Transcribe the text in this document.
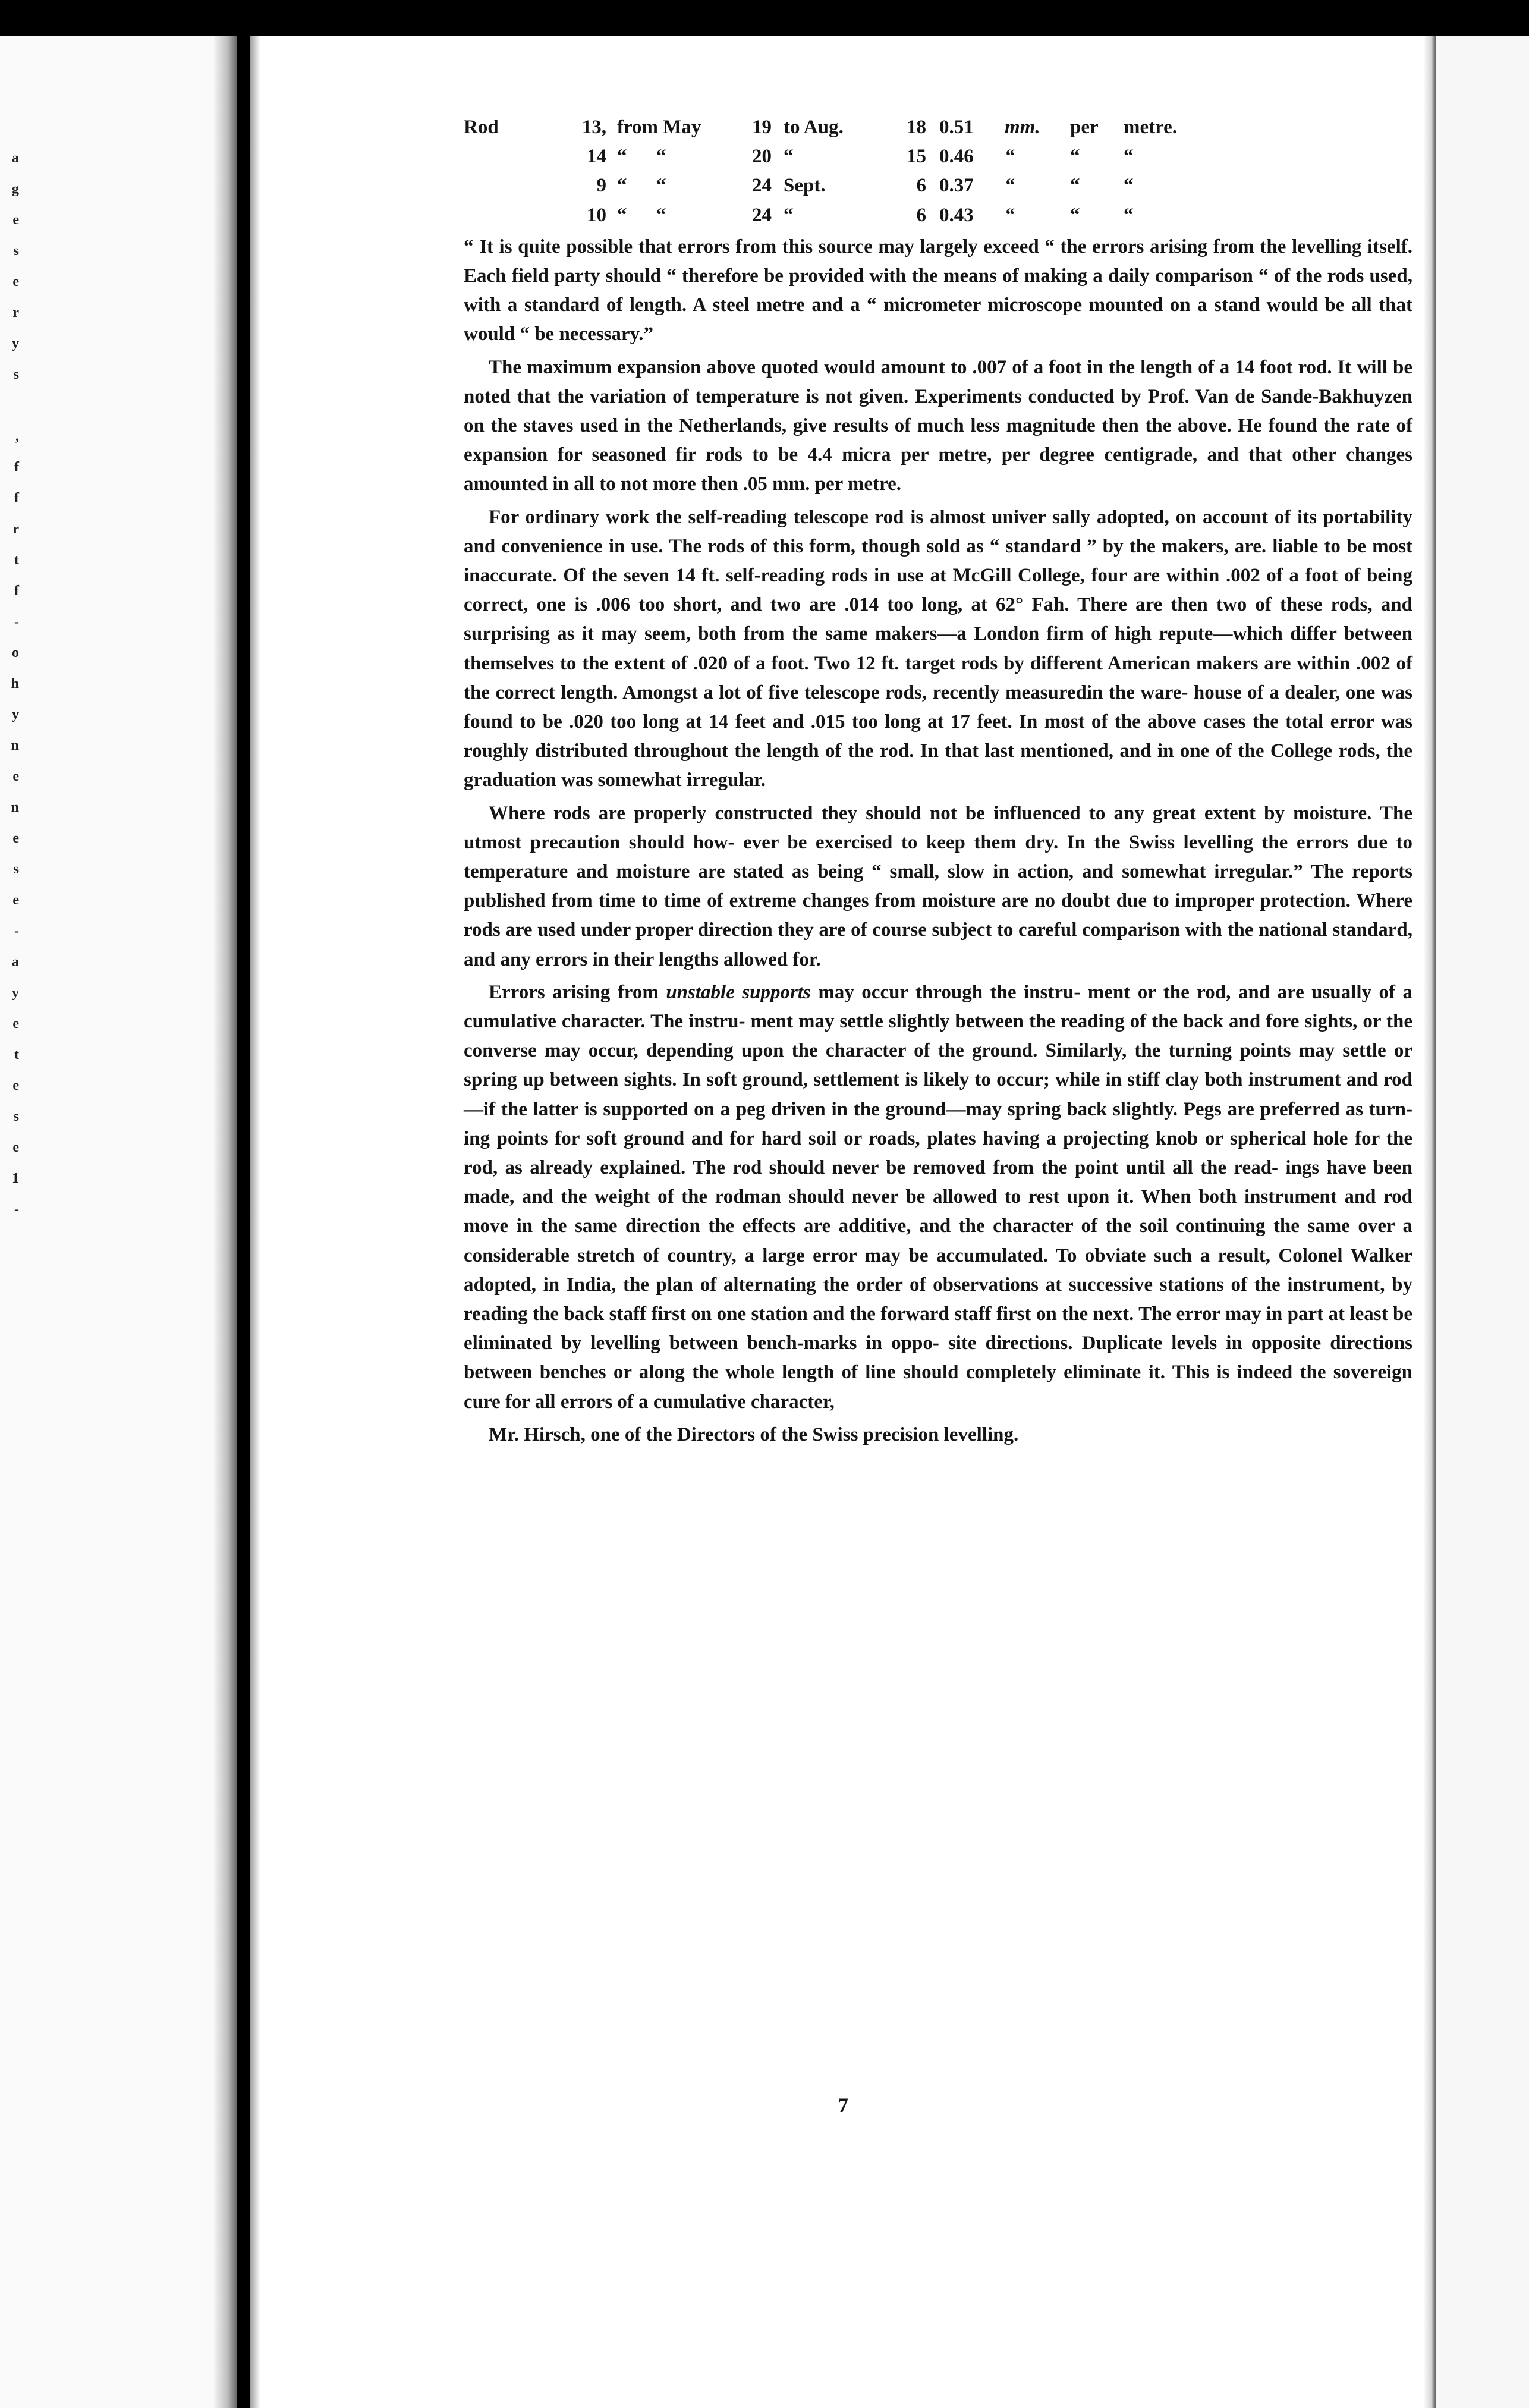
a
g
e
s
e
r
y
s

,
f
f
r
t
f
-
o
h
y
n
e
n
e
s
e
-
a
y
e
t
e
s
e
1
-
Rod	13, from May	19 to Aug.	18 0.51	mm.	per	metre.
14 “      “	20 “	15 0.46	“	“	“
9 “      “	24 Sept.	6 0.37	“	“	“
10 “      “	24 “	6 0.43	“	“	“

“ It is quite possible that errors from this source may largely exceed “ the errors arising from the levelling itself. Each field party should “ therefore be provided with the means of making a daily comparison “ of the rods used, with a standard of length. A steel metre and a “ micrometer microscope mounted on a stand would be all that would “ be necessary.”

The maximum expansion above quoted would amount to .007 of a foot in the length of a 14 foot rod. It will be noted that the variation of temperature is not given. Experiments conducted by Prof. Van de Sande-Bakhuyzen on the staves used in the Netherlands, give results of much less magnitude then the above. He found the rate of expansion for seasoned fir rods to be 4.4 micra per metre, per degree centigrade, and that other changes amounted in all to not more then .05 mm. per metre.

For ordinary work the self-reading telescope rod is almost univer sally adopted, on account of its portability and convenience in use. The rods of this form, though sold as “ standard ” by the makers, are. liable to be most inaccurate. Of the seven 14 ft. self-reading rods in use at McGill College, four are within .002 of a foot of being correct, one is .006 too short, and two are .014 too long, at 62° Fah. There are then two of these rods, and surprising as it may seem, both from the same makers—a London firm of high repute—which differ between themselves to the extent of .020 of a foot. Two 12 ft. target rods by different American makers are within .002 of the correct length. Amongst a lot of five telescope rods, recently measuredin the ware- house of a dealer, one was found to be .020 too long at 14 feet and .015 too long at 17 feet. In most of the above cases the total error was roughly distributed throughout the length of the rod. In that last mentioned, and in one of the College rods, the graduation was somewhat irregular.

Where rods are properly constructed they should not be influenced to any great extent by moisture. The utmost precaution should how- ever be exercised to keep them dry. In the Swiss levelling the errors due to temperature and moisture are stated as being “ small, slow in action, and somewhat irregular.” The reports published from time to time of extreme changes from moisture are no doubt due to improper protection. Where rods are used under proper direction they are of course subject to careful comparison with the national standard, and any errors in their lengths allowed for.

Errors arising from unstable supports may occur through the instru- ment or the rod, and are usually of a cumulative character. The instru- ment may settle slightly between the reading of the back and fore sights, or the converse may occur, depending upon the character of the ground. Similarly, the turning points may settle or spring up between sights. In soft ground, settlement is likely to occur; while in stiff clay both instrument and rod—if the latter is supported on a peg driven in the ground—may spring back slightly. Pegs are preferred as turn- ing points for soft ground and for hard soil or roads, plates having a projecting knob or spherical hole for the rod, as already explained. The rod should never be removed from the point until all the read- ings have been made, and the weight of the rodman should never be allowed to rest upon it. When both instrument and rod move in the same direction the effects are additive, and the character of the soil continuing the same over a considerable stretch of country, a large error may be accumulated. To obviate such a result, Colonel Walker adopted, in India, the plan of alternating the order of observations at successive stations of the instrument, by reading the back staff first on one station and the forward staff first on the next. The error may in part at least be eliminated by levelling between bench-marks in oppo- site directions. Duplicate levels in opposite directions between benches or along the whole length of line should completely eliminate it. This is indeed the sovereign cure for all errors of a cumulative character,

Mr. Hirsch, one of the Directors of the Swiss precision levelling.

7
